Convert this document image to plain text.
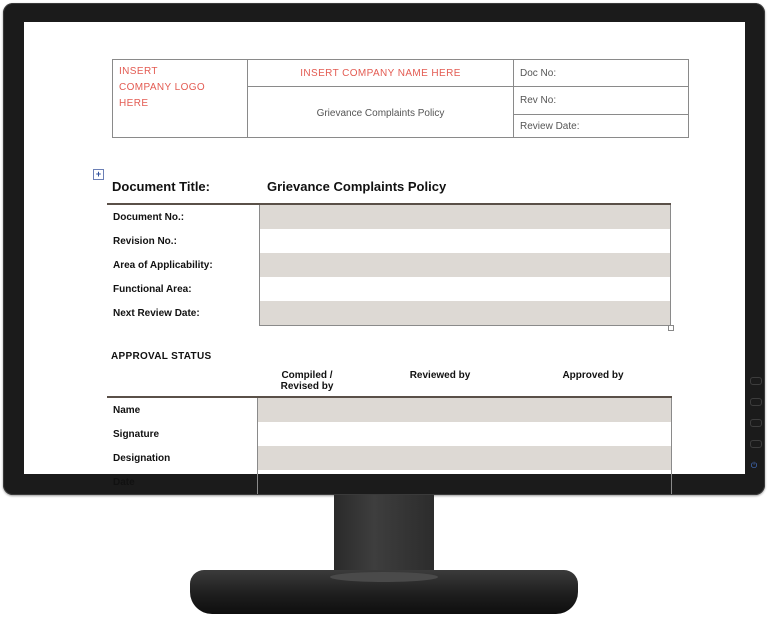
⏻
INSERT
COMPANY LOGO
HERE	INSERT COMPANY NAME HERE	Doc No:
	Grievance Complaints Policy	Rev No:
		Review Date:
+
Document Title:	Grievance Complaints Policy
Document No.:	
Revision No.:	
Area of Applicability:	
Functional Area:	
Next Review Date:	
APPROVAL STATUS
Compiled /
Revised by
Reviewed by	Approved by
Name	
Signature	
Designation	
Date	
